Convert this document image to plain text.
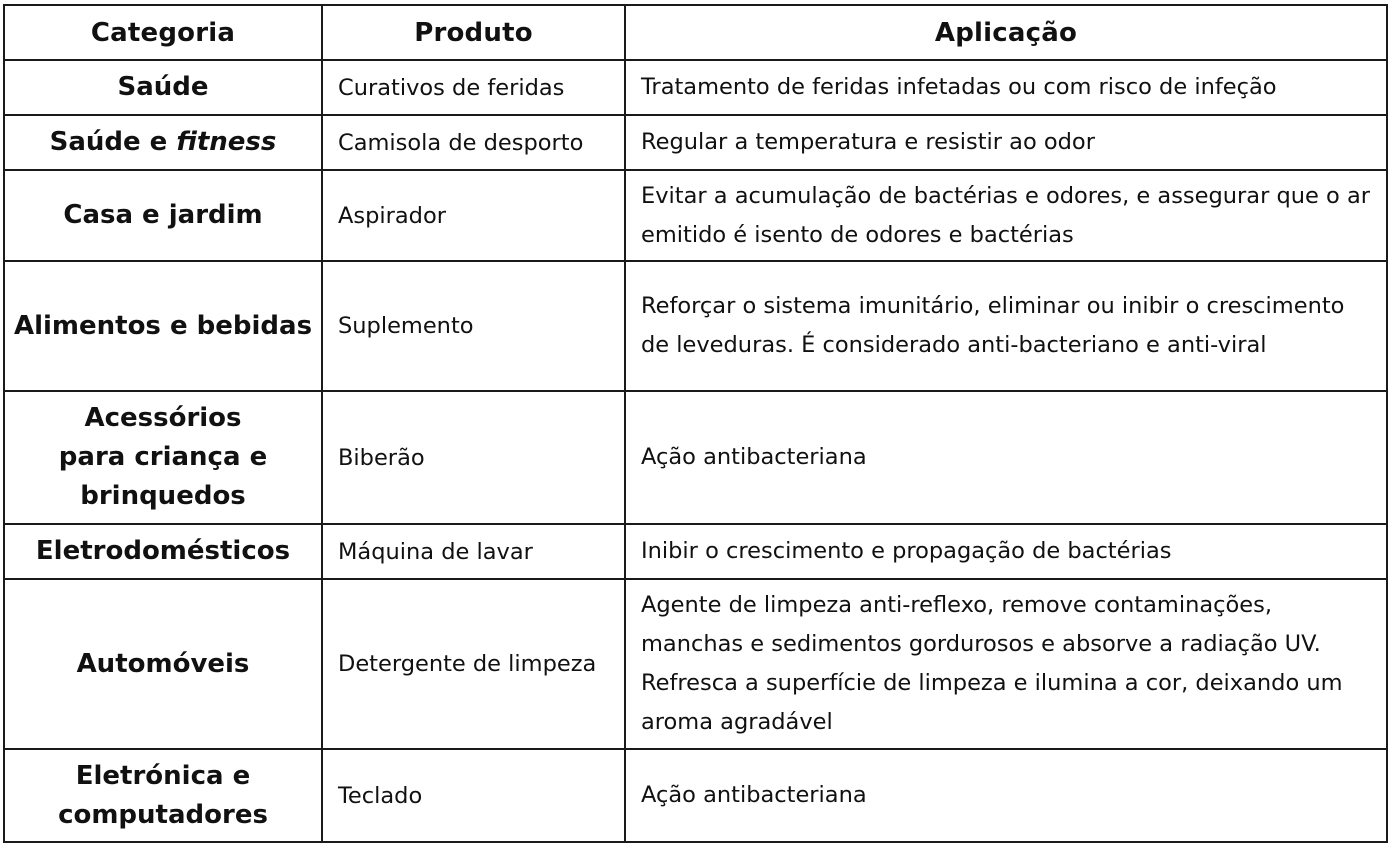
Categoria	Produto	Aplicação
Saúde	Curativos de feridas	Tratamento de feridas infetadas ou com risco de infeção
Saúde e fitness	Camisola de desporto	Regular a temperatura e resistir ao odor
Casa e jardim	Aspirador	Evitar a acumulação de bactérias e odores, e assegurar que o ar emitido é isento de odores e bactérias
Alimentos e bebidas	Suplemento	Reforçar o sistema imunitário, eliminar ou inibir o crescimento de leveduras. É considerado anti-bacteriano e anti-viral

Acessórios
para criança e
brinquedos	Biberão	Ação antibacteriana
Eletrodomésticos	Máquina de lavar	Inibir o crescimento e propagação de bactérias
Automóveis	Detergente de limpeza	Agente de limpeza anti-reflexo, remove contaminações, manchas e sedimentos gordurosos e absorve a radiação UV. Refresca a superfície de limpeza e ilumina a cor, deixando um aroma agradável

Eletrónica e
computadores	Teclado	Ação antibacteriana
